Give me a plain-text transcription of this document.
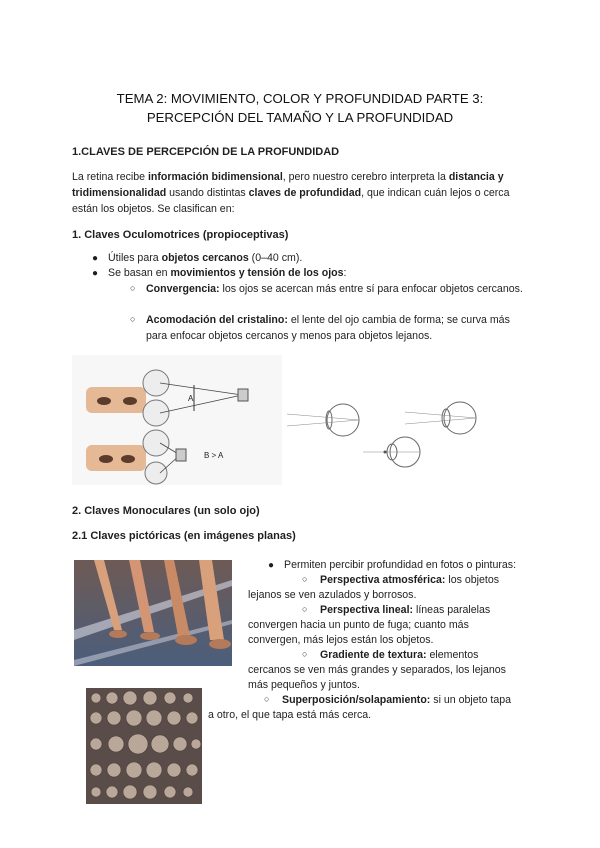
TEMA 2: MOVIMIENTO, COLOR Y PROFUNDIDAD PARTE 3:
PERCEPCIÓN DEL TAMAÑO Y LA PROFUNDIDAD
1.CLAVES DE PERCEPCIÓN DE LA PROFUNDIDAD
La retina recibe información bidimensional, pero nuestro cerebro interpreta la distancia y tridimensionalidad usando distintas claves de profundidad, que indican cuán lejos o cerca están los objetos. Se clasifican en:
1. Claves Oculomotrices (propioceptivas)
● Útiles para objetos cercanos (0–40 cm).
● Se basan en movimientos y tensión de los ojos:
○ Convergencia: los ojos se acercan más entre sí para enfocar objetos cercanos.
○ Acomodación del cristalino: el lente del ojo cambia de forma; se curva más para enfocar objetos cercanos y menos para objetos lejanos.
A
B > A
2. Claves Monoculares (un solo ojo)
2.1 Claves pictóricas (en imágenes planas)
● Permiten percibir profundidad en fotos o pinturas:
○ Perspectiva atmosférica: los objetos
lejanos se ven azulados y borrosos.
○ Perspectiva lineal: líneas paralelas
convergen hacia un punto de fuga; cuanto más
convergen, más lejos están los objetos.
○ Gradiente de textura: elementos
cercanos se ven más grandes y separados, los lejanos
más pequeños y juntos.
○ Superposición/solapamiento: si un objeto tapa
a otro, el que tapa está más cerca.
